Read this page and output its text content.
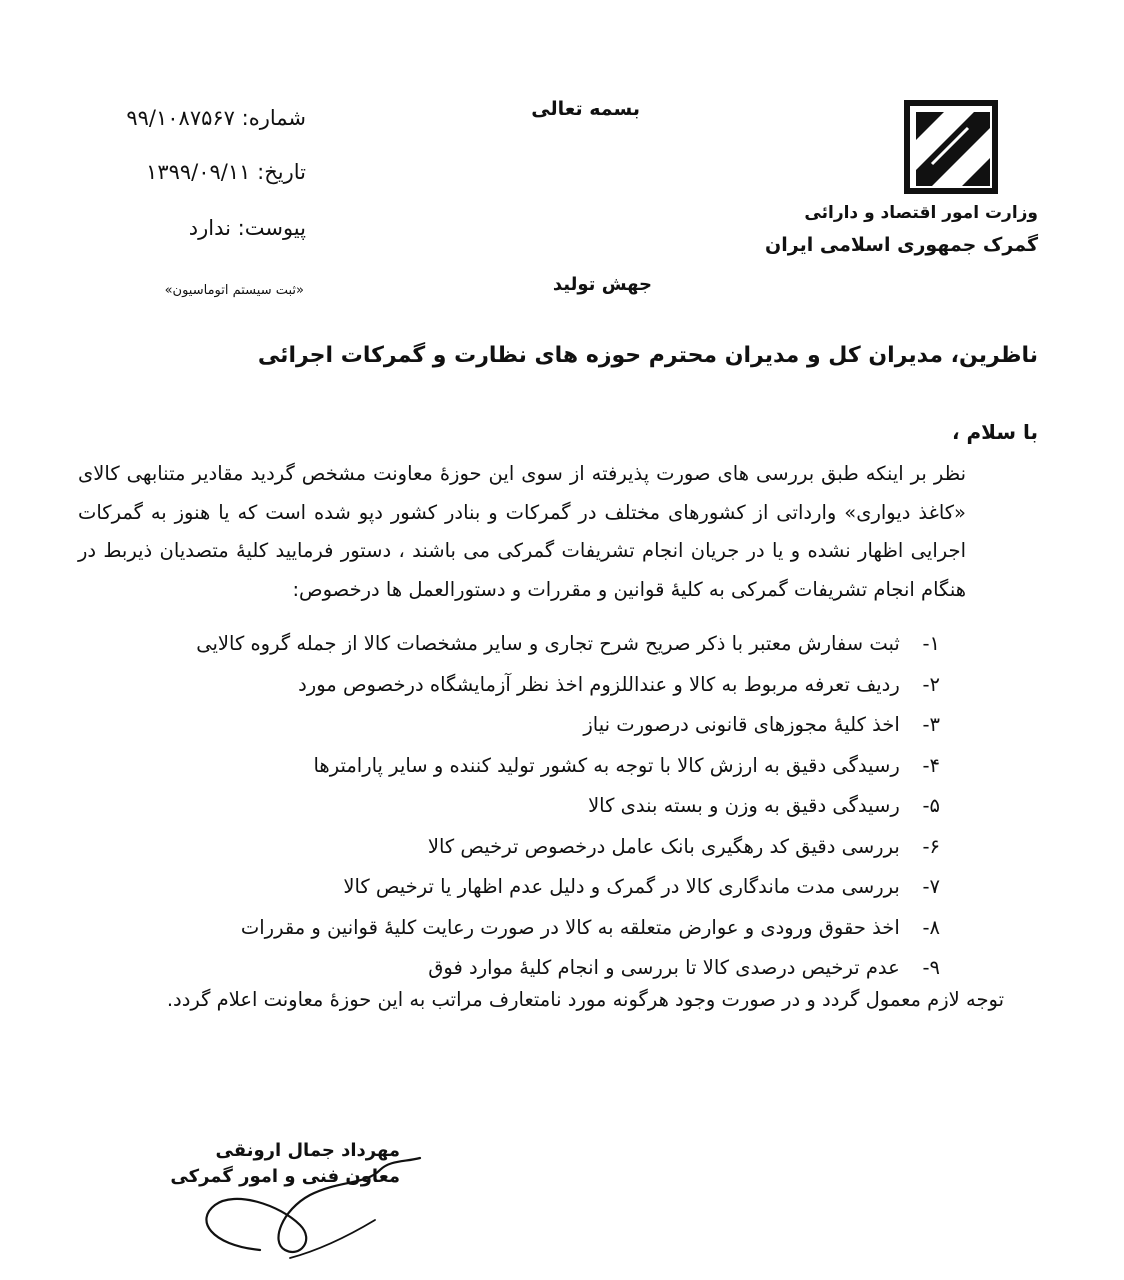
بسمه تعالی
وزارت امور اقتصاد و دارائی
گمرک جمهوری اسلامی ایران
شماره: ۹۹/۱۰۸۷۵۶۷
تاریخ: ۱۳۹۹/۰۹/۱۱
پیوست: ندارد
«ثبت سیستم اتوماسیون»	جهش تولید
ناظرین، مدیران کل و مدیران محترم حوزه های نظارت و گمرکات اجرائی
با سلام ،

نظر بر اینکه طبق بررسی های صورت پذیرفته از سوی این حوزۀ معاونت مشخص گردید مقادیر متنابهی کالای «کاغذ دیواری» وارداتی از کشورهای مختلف در گمرکات و بنادر کشور دپو شده است که یا هنوز به گمرکات اجرایی اظهار نشده و یا در جریان انجام تشریفات گمرکی می باشند ، دستور فرمایید کلیۀ متصدیان ذیربط در هنگام انجام تشریفات گمرکی به کلیۀ قوانین و مقررات و دستورالعمل ها درخصوص:

۱- ثبت سفارش معتبر با ذکر صریح شرح تجاری و سایر مشخصات کالا از جمله گروه کالایی
۲- ردیف تعرفه مربوط به کالا و عنداللزوم اخذ نظر آزمایشگاه درخصوص مورد
۳- اخذ کلیۀ مجوزهای قانونی درصورت نیاز
۴- رسیدگی دقیق به ارزش کالا با توجه به کشور تولید کننده و سایر پارامترها
۵- رسیدگی دقیق به وزن و بسته بندی کالا
۶- بررسی دقیق کد رهگیری بانک عامل درخصوص ترخیص کالا
۷- بررسی مدت ماندگاری کالا در گمرک و دلیل عدم اظهار یا ترخیص کالا
۸- اخذ حقوق ورودی و عوارض متعلقه به کالا در صورت رعایت کلیۀ قوانین و مقررات
۹- عدم ترخیص درصدی کالا تا بررسی و انجام کلیۀ موارد فوق
توجه لازم معمول گردد و در صورت وجود هرگونه مورد نامتعارف مراتب به این حوزۀ معاونت اعلام گردد.
مهرداد جمال ارونقی
معاون فنی و امور گمرکی
